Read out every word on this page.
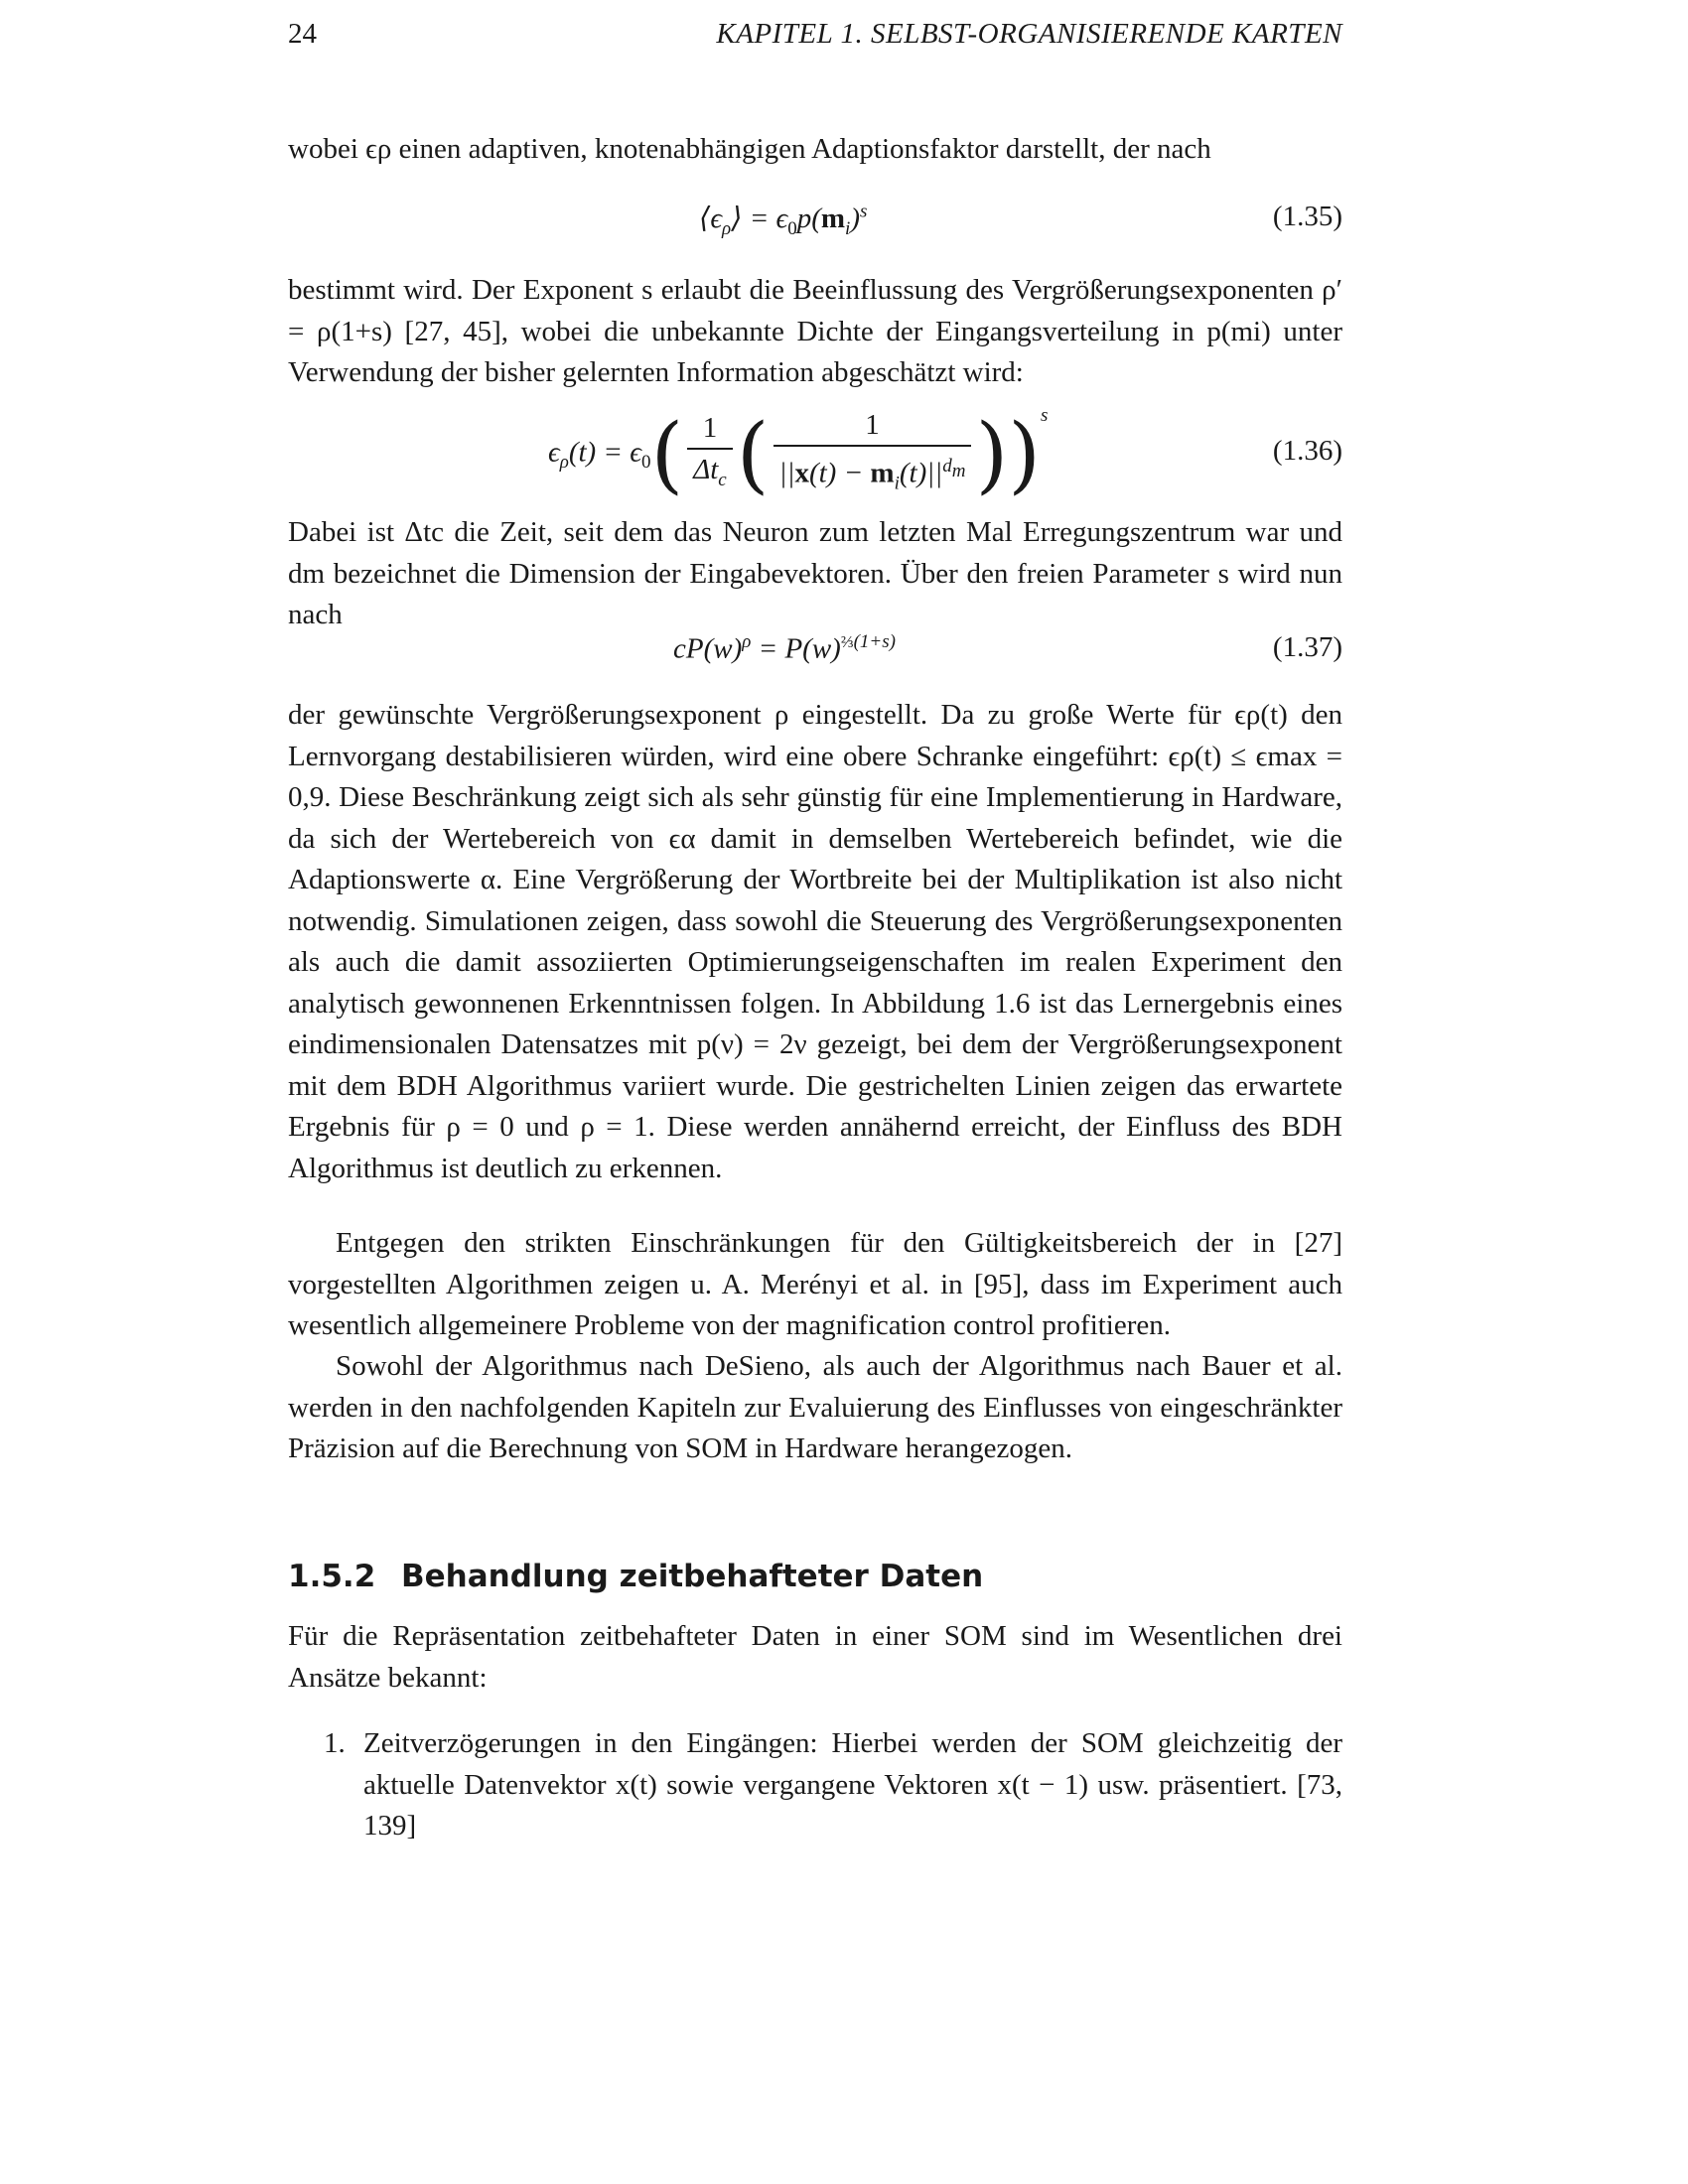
24	KAPITEL 1. SELBST-ORGANISIERENDE KARTEN

wobei ϵρ einen adaptiven, knotenabhängigen Adaptionsfaktor darstellt, der nach

$⟨\epsilon_\rho⟩ = \epsilon_0p(m_i)^s$	(1.35)

bestimmt wird. Der Exponent s erlaubt die Beeinflussung des Vergrößerungsexponenten ρ′ = ρ(1+s) [27, 45], wobei die unbekannte Dichte der Eingangsverteilung in p(mi) unter Verwendung der bisher gelernten Information abgeschätzt wird:

$\epsilon_\rho(t) = \epsilon_0( \frac{1}{\Delta t_c}$ ( $\frac{1}{||x(t) - m_i(t)||^{d_m}} ))^s$
(1.36)

Dabei ist Δtc die Zeit, seit dem das Neuron zum letzten Mal Erregungszentrum war und dm bezeichnet die Dimension der Eingabevektoren. Über den freien Parameter s wird nun nach

$cP(w)^\rho = P(w)^{\frac{2}{3}(1+s)}$	(1.37)

der gewünschte Vergrößerungsexponent ρ eingestellt. Da zu große Werte für ϵρ(t) den Lernvorgang destabilisieren würden, wird eine obere Schranke eingeführt: ϵρ(t) ≤ ϵmax = 0,9. Diese Beschränkung zeigt sich als sehr günstig für eine Implementierung in Hardware, da sich der Wertebereich von ϵα damit in demselben Wertebereich befindet, wie die Adaptionswerte α. Eine Vergrößerung der Wortbreite bei der Multiplikation ist also nicht notwendig. Simulationen zeigen, dass sowohl die Steuerung des Vergrößerungsexponenten als auch die damit assoziierten Optimierungseigenschaften im realen Experiment den analytisch gewonnenen Erkenntnissen folgen. In Abbildung 1.6 ist das Lernergebnis eines eindimensionalen Datensatzes mit p(ν) = 2ν gezeigt, bei dem der Vergrößerungsexponent mit dem BDH Algorithmus variiert wurde. Die gestrichelten Linien zeigen das erwartete Ergebnis für ρ = 0 und ρ = 1. Diese werden annähernd erreicht, der Einfluss des BDH Algorithmus ist deutlich zu erkennen.

Entgegen den strikten Einschränkungen für den Gültigkeitsbereich der in [27] vorgestellten Algorithmen zeigen u. A. Merényi et al. in [95], dass im Experiment auch wesentlich allgemeinere Probleme von der magnification control profitieren.

Sowohl der Algorithmus nach DeSieno, als auch der Algorithmus nach Bauer et al. werden in den nachfolgenden Kapiteln zur Evaluierung des Einflusses von eingeschränkter Präzision auf die Berechnung von SOM in Hardware herangezogen.

1.5.2 Behandlung zeitbehafteter Daten

Für die Repräsentation zeitbehafteter Daten in einer SOM sind im Wesentlichen drei Ansätze bekannt:

1. Zeitverzögerungen in den Eingängen: Hierbei werden der SOM gleichzeitig der aktuelle Datenvektor x(t) sowie vergangene Vektoren x(t − 1) usw. präsentiert. [73, 139]
